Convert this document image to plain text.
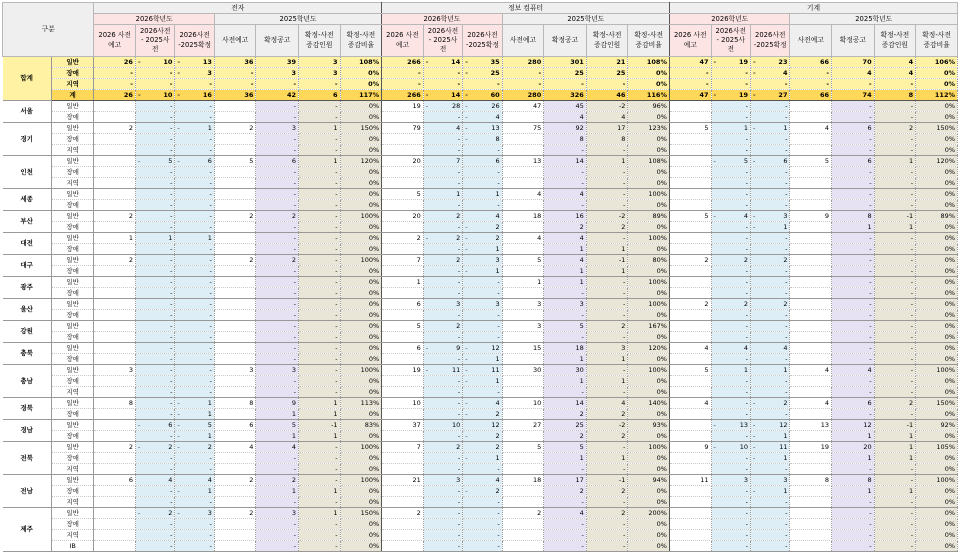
구분		전자							정보 컴퓨터							기계						
		2026학년도			2025학년도				2026학년도			2025학년도				2026학년도			2025학년도			
		2026 사전예고	2026사전 - 2025사전	2026사전 -2025확정	사전예고	확정공고	확정-사전 증감인원	확정-사전 증감비율	2026 사전예고	2026사전 - 2025사전	2026사전 -2025확정	사전예고	확정공고	확정-사전 증감인원	확정-사전 증감비율	2026 사전예고	2026사전 - 2025사전	2026사전 -2025확정	사전예고	확정공고	확정-사전 증감인원	확정-사전 증감비율
합계	일반	26	- 10	- 13	36	39	3	108%	266	- 14	- 35	280	301	21	108%	47	- 19	- 23	66	70	4	106%
	장애	-	-	- 3	-	3	3	0%	-	-	- 25	-	25	25	0%	-	-	- 4	-	4	4	0%
	지역	-	-	-	-	-	-	0%	-	-	-	-	-	-	0%	-	-	-	-	-	-	0%
	계	26	- 10	- 16	36	42	6	117%	266	- 14	- 60	280	326	46	116%	47	- 19	- 27	66	74	8	112%
서울	일반		-	-		-	-	0%	19	- 28	- 26	47	45	-2	96%		-	-		-	-	0%
	장애		-	-		-	-	0%		-	- 4		4	4	0%		-	-		-	-	0%
경기	일반	2	-	- 1	2	3	1	150%	79	4	- 13	75	92	17	123%	5	1	- 1	4	6	2	150%
	장애		-	-		-	-	0%		-	- 8		8	8	0%		-	-		-	-	0%
	지역		-	-		-	-	0%		-	-		-	-	0%		-	-		-	-	0%
인천	일반		- 5	- 6	5	6	1	120%	20	7	6	13	14	1	108%		- 5	- 6	5	6	1	120%
	장애		-	-		-	-	0%		-	-		-	-	0%		-	-		-	-	0%
	지역		-	-		-	-	0%		-	-		-	-	0%		-	-		-	-	0%
세종	일반		-	-		-	-	0%	5	1	1	4	4	-	100%		-	-		-	-	0%
	장애		-	-		-	-	0%		-	-		-	-	0%		-	-		-	-	0%
부산	일반	2	-	-	2	2	-	100%	20	2	4	18	16	-2	89%	5	- 4	- 3	9	8	-1	89%
	장애		-	-		-	-	0%		-	- 2		2	2	0%		-	- 1		1	1	0%
대전	일반	1	1	1		-	-	0%	2	- 2	- 2	4	4	-	100%		-	-		-	-	0%
	장애		-	-		-	-	0%		-	- 1		1	1	0%		-	-		-	-	0%
대구	일반	2	-	-	2	2	-	100%	7	2	3	5	4	-1	80%	2	2	2		-	-	0%
	장애		-	-		-	-	0%		-	- 1		1	1	0%		-	-		-	-	0%
광주	일반		-	-		-	-	0%	1	-	-	1	1	-	100%		-	-		-	-	0%
	장애		-	-		-	-	0%		-	-		-	-	0%		-	-		-	-	0%
울산	일반		-	-		-	-	0%	6	3	3	3	3	-	100%	2	2	2		-	-	0%
	장애		-	-		-	-	0%		-	-		-	-	0%		-	-		-	-	0%
강원	일반		-	-		-	-	0%	5	2	-	3	5	2	167%		-	-		-	-	0%
	장애		-	-		-	-	0%		-	-		-	-	0%		-	-		-	-	0%
충북	일반		-	-		-	-	0%	6	- 9	- 12	15	18	3	120%	4	4	4		-	-	0%
	장애		-	-		-	-	0%		-	- 1		1	1	0%		-	-		-	-	0%
충남	일반	3	-	-	3	3	-	100%	19	- 11	- 11	30	30	-	100%	5	1	1	4	4	-	100%
	장애		-	-		-	-	0%		-	- 1		1	1	0%		-	-		-	-	0%
	지역		-	-		-	-	0%		-	-		-	-	0%		-	-		-	-	0%
경북	일반	8	-	- 1	8	9	1	113%	10	-	- 4	10	14	4	140%	4	-	- 2	4	6	2	150%
	장애		-	- 1		1	1	0%		-	- 2		2	2	0%		-	-		-	-	0%
경남	일반		- 6	- 5	6	5	-1	83%	37	10	12	27	25	-2	93%		- 13	- 12	13	12	-1	92%
	장애		-	- 1		1	1	0%		-	- 2		2	2	0%		-	- 1		1	1	0%
전북	일반	2	- 2	- 2	4	4	-	100%	7	2	2	5	5	-	100%	9	- 10	- 11	19	20	1	105%
	장애		-	-		-	-	0%		-	- 1		1	1	0%		-	- 1		1	1	0%
	지역		-	-		-	-	0%		-	-		-	-	0%		-	-		-	-	0%
전남	일반	6	4	4	2	2	-	100%	21	3	4	18	17	-1	94%	11	3	3	8	8	-	100%
	장애		-	- 1		1	1	0%		-	- 2		2	2	0%		-	- 1		1	1	0%
	지역		-	-		-	-	0%		-	-		-	-	0%		-	-		-	-	0%
제주	일반		- 2	- 3	2	3	1	150%	2	-	-	2	4	2	200%		-	-		-	-	0%
	장애		-	-		-	-	0%		-	-		-	-	0%		-	-		-	-	0%
	지역		-	-		-	-	0%		-	-		-	-	0%		-	-		-	-	0%
	IB		-	-		-	-	0%		-	-		-	-	0%		-	-		-	-	0%
